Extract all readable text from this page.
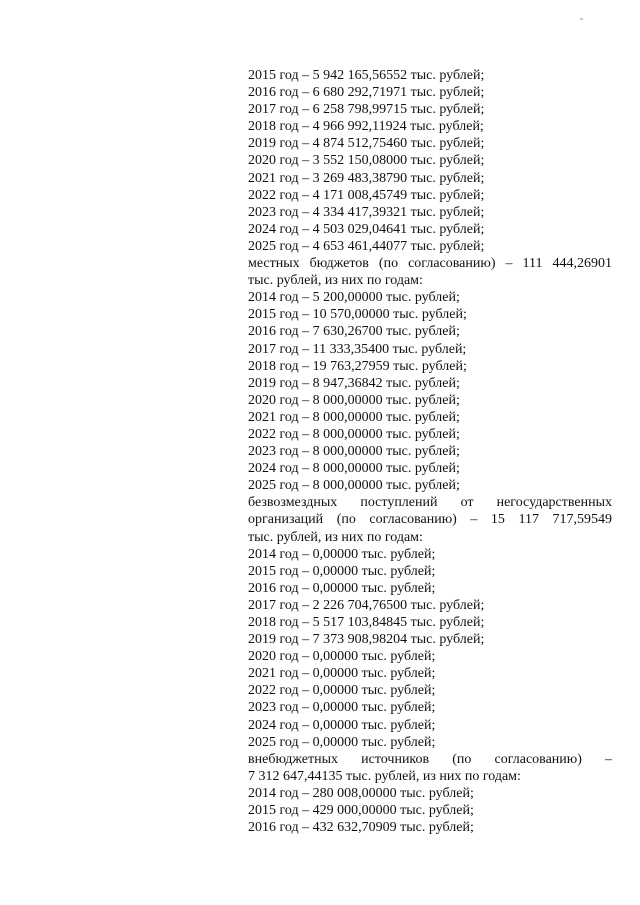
2015 год – 5 942 165,56552 тыс. рублей;
2016 год – 6 680 292,71971 тыс. рублей;
2017 год – 6 258 798,99715 тыс. рублей;
2018 год – 4 966 992,11924 тыс. рублей;
2019 год – 4 874 512,75460 тыс. рублей;
2020 год – 3 552 150,08000 тыс. рублей;
2021 год – 3 269 483,38790 тыс. рублей;
2022 год – 4 171 008,45749 тыс. рублей;
2023 год – 4 334 417,39321 тыс. рублей;
2024 год – 4 503 029,04641 тыс. рублей;
2025 год – 4 653 461,44077 тыс. рублей;
местных бюджетов (по согласованию) – 111 444,26901
тыс. рублей, из них по годам:
2014 год – 5 200,00000 тыс. рублей;
2015 год – 10 570,00000 тыс. рублей;
2016 год – 7 630,26700 тыс. рублей;
2017 год – 11 333,35400 тыс. рублей;
2018 год – 19 763,27959 тыс. рублей;
2019 год – 8 947,36842 тыс. рублей;
2020 год – 8 000,00000 тыс. рублей;
2021 год – 8 000,00000 тыс. рублей;
2022 год – 8 000,00000 тыс. рублей;
2023 год – 8 000,00000 тыс. рублей;
2024 год – 8 000,00000 тыс. рублей;
2025 год – 8 000,00000 тыс. рублей;
безвозмездных поступлений от негосударственных
организаций (по согласованию) – 15 117 717,59549
тыс. рублей, из них по годам:
2014 год – 0,00000 тыс. рублей;
2015 год – 0,00000 тыс. рублей;
2016 год – 0,00000 тыс. рублей;
2017 год – 2 226 704,76500 тыс. рублей;
2018 год – 5 517 103,84845 тыс. рублей;
2019 год – 7 373 908,98204 тыс. рублей;
2020 год – 0,00000 тыс. рублей;
2021 год – 0,00000 тыс. рублей;
2022 год – 0,00000 тыс. рублей;
2023 год – 0,00000 тыс. рублей;
2024 год – 0,00000 тыс. рублей;
2025 год – 0,00000 тыс. рублей;
внебюджетных источников (по согласованию) –
7 312 647,44135 тыс. рублей, из них по годам:
2014 год – 280 008,00000 тыс. рублей;
2015 год – 429 000,00000 тыс. рублей;
2016 год – 432 632,70909 тыс. рублей;
